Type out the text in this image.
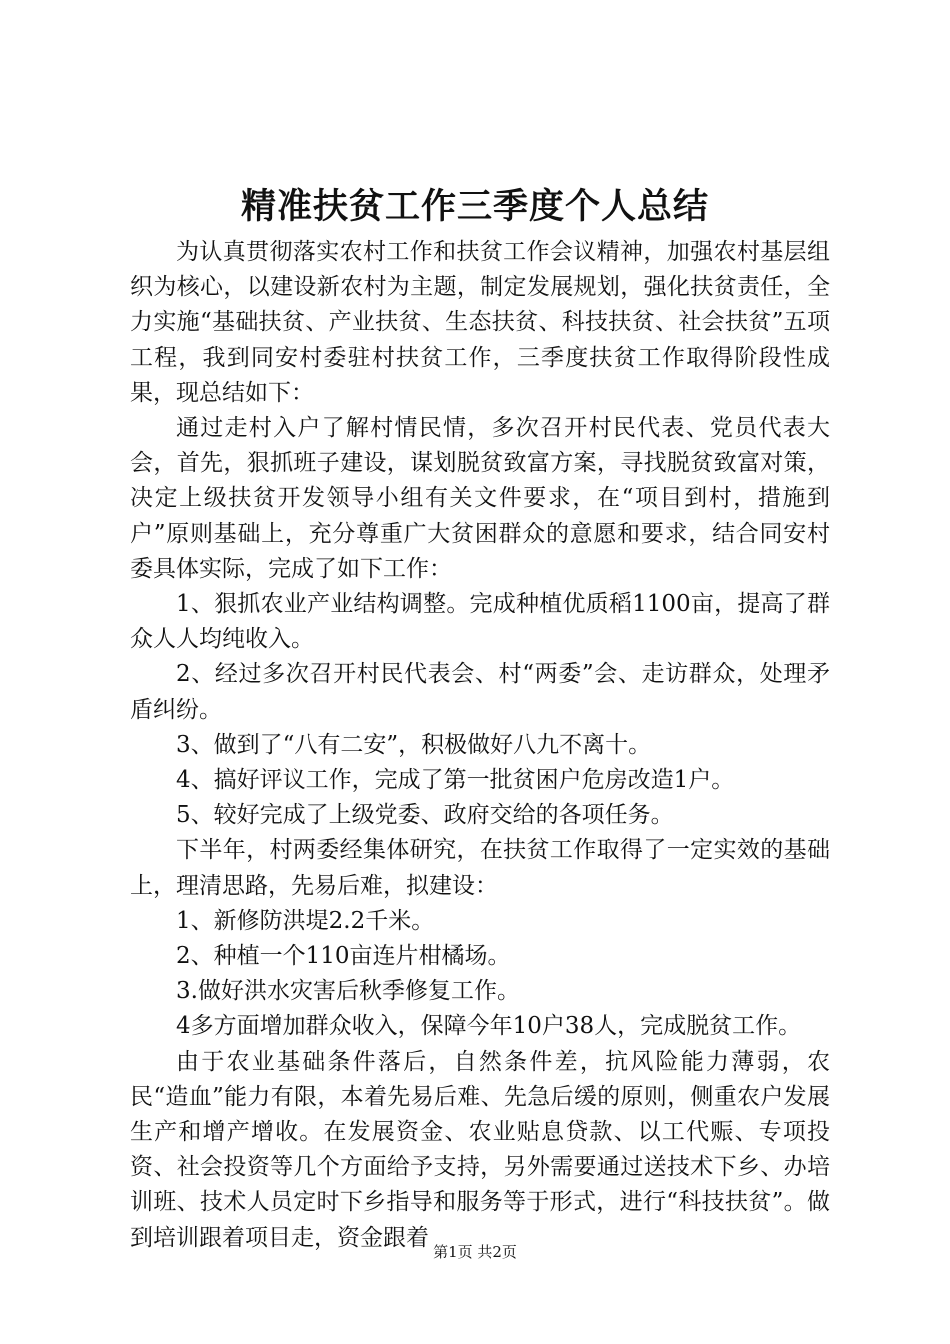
精准扶贫工作三季度个人总结

为认真贯彻落实农村工作和扶贫工作会议精神，加强农村基层组织为核心，以建设新农村为主题，制定发展规划，强化扶贫责任，全力实施“基础扶贫、产业扶贫、生态扶贫、科技扶贫、社会扶贫”五项工程，我到同安村委驻村扶贫工作，三季度扶贫工作取得阶段性成果，现总结如下：

通过走村入户了解村情民情，多次召开村民代表、党员代表大会，首先，狠抓班子建设，谋划脱贫致富方案，寻找脱贫致富对策，决定上级扶贫开发领导小组有关文件要求，在“项目到村，措施到户”原则基础上，充分尊重广大贫困群众的意愿和要求，结合同安村委具体实际，完成了如下工作：

1、狠抓农业产业结构调整。完成种植优质稻1100亩，提高了群众人人均纯收入。

2、经过多次召开村民代表会、村“两委”会、走访群众，处理矛盾纠纷。

3、做到了“八有二安”，积极做好八九不离十。

4、搞好评议工作，完成了第一批贫困户危房改造1户。

5、较好完成了上级党委、政府交给的各项任务。

下半年，村两委经集体研究，在扶贫工作取得了一定实效的基础上，理清思路，先易后难，拟建设：

1、新修防洪堤2.2千米。

2、种植一个110亩连片柑橘场。

3.做好洪水灾害后秋季修复工作。

4多方面增加群众收入，保障今年10户38人，完成脱贫工作。

由于农业基础条件落后，自然条件差，抗风险能力薄弱，农民“造血”能力有限，本着先易后难、先急后缓的原则，侧重农户发展生产和增产增收。在发展资金、农业贴息贷款、以工代赈、专项投资、社会投资等几个方面给予支持，另外需要通过送技术下乡、办培训班、技术人员定时下乡指导和服务等于形式，进行“科技扶贫”。做到培训跟着项目走，资金跟着

第1页 共2页
